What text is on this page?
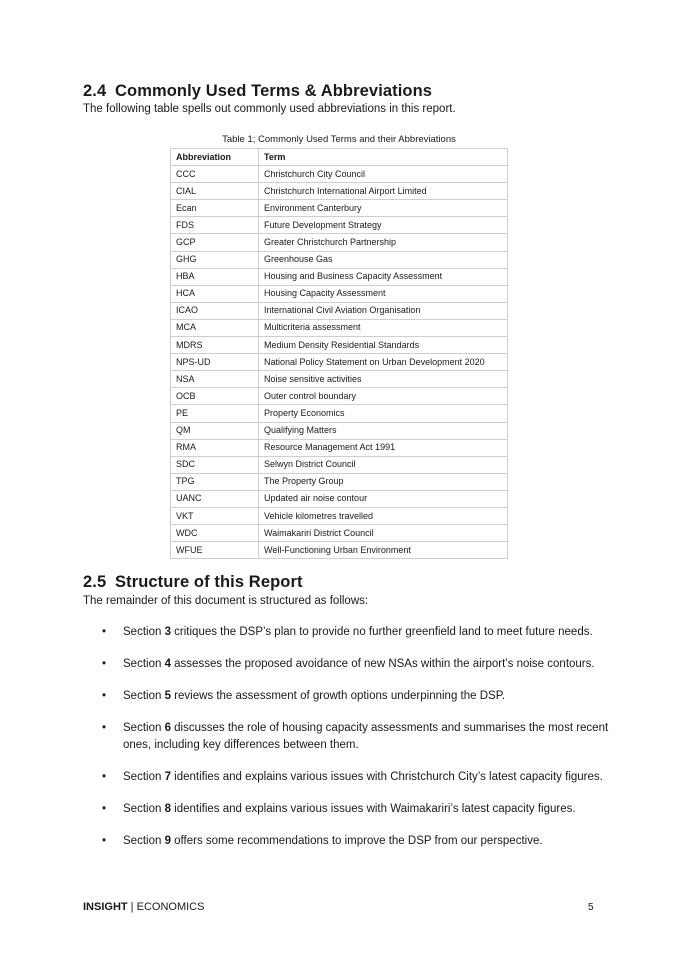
2.4 Commonly Used Terms & Abbreviations

The following table spells out commonly used abbreviations in this report.

Table 1; Commonly Used Terms and their Abbreviations

Abbreviation	Term
CCC	Christchurch City Council
CIAL	Christchurch International Airport Limited
Ecan	Environment Canterbury
FDS	Future Development Strategy
GCP	Greater Christchurch Partnership
GHG	Greenhouse Gas
HBA	Housing and Business Capacity Assessment
HCA	Housing Capacity Assessment
ICAO	International Civil Aviation Organisation
MCA	Multicriteria assessment
MDRS	Medium Density Residential Standards
NPS-UD	National Policy Statement on Urban Development 2020
NSA	Noise sensitive activities
OCB	Outer control boundary
PE	Property Economics
QM	Qualifying Matters
RMA	Resource Management Act 1991
SDC	Selwyn District Council
TPG	The Property Group
UANC	Updated air noise contour
VKT	Vehicle kilometres travelled
WDC	Waimakariri District Council
WFUE	Well-Functioning Urban Environment
2.5 Structure of this Report

The remainder of this document is structured as follows:

• Section 3 critiques the DSP’s plan to provide no further greenfield land to meet future needs.
• Section 4 assesses the proposed avoidance of new NSAs within the airport’s noise contours.
• Section 5 reviews the assessment of growth options underpinning the DSP.
• Section 6 discusses the role of housing capacity assessments and summarises the most recent ones, including key differences between them.
• Section 7 identifies and explains various issues with Christchurch City’s latest capacity figures.
• Section 8 identifies and explains various issues with Waimakariri’s latest capacity figures.
• Section 9 offers some recommendations to improve the DSP from our perspective.

INSIGHT | ECONOMICS	5
